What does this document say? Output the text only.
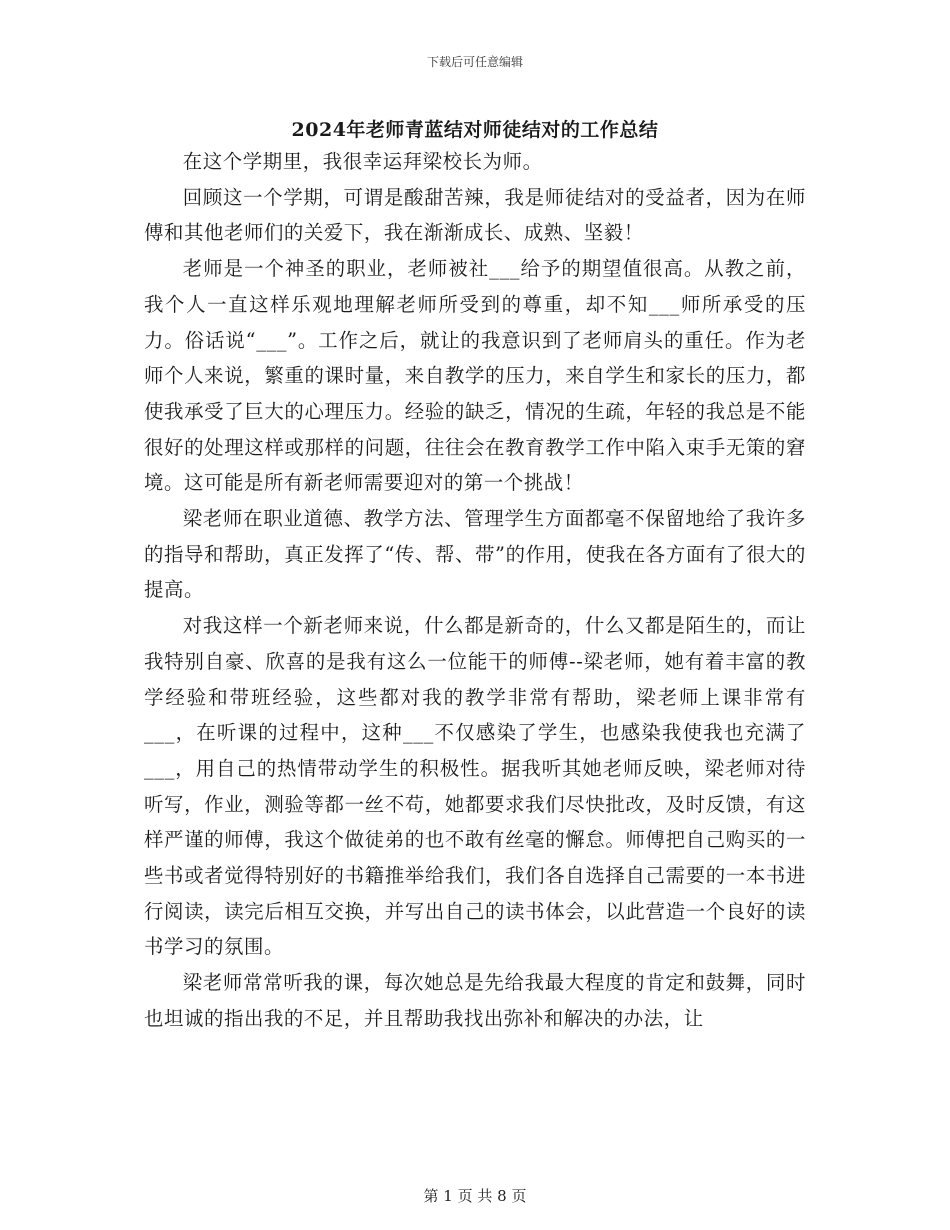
下载后可任意编辑
2024年老师青蓝结对师徒结对的工作总结

在这个学期里，我很幸运拜梁校长为师。

回顾这一个学期，可谓是酸甜苦辣，我是师徒结对的受益者，因为在师傅和其他老师们的关爱下，我在渐渐成长、成熟、坚毅！

老师是一个神圣的职业，老师被社___给予的期望值很高。从教之前，我个人一直这样乐观地理解老师所受到的尊重，却不知___师所承受的压力。俗话说“___”。工作之后，就让的我意识到了老师肩头的重任。作为老师个人来说，繁重的课时量，来自教学的压力，来自学生和家长的压力，都使我承受了巨大的心理压力。经验的缺乏，情况的生疏，年轻的我总是不能很好的处理这样或那样的问题，往往会在教育教学工作中陷入束手无策的窘境。这可能是所有新老师需要迎对的第一个挑战！

梁老师在职业道德、教学方法、管理学生方面都毫不保留地给了我许多的指导和帮助，真正发挥了“传、帮、带”的作用，使我在各方面有了很大的提高。

对我这样一个新老师来说，什么都是新奇的，什么又都是陌生的，而让我特别自豪、欣喜的是我有这么一位能干的师傅--梁老师，她有着丰富的教学经验和带班经验，这些都对我的教学非常有帮助，梁老师上课非常有___，在听课的过程中，这种___不仅感染了学生，也感染我使我也充满了___，用自己的热情带动学生的积极性。据我听其她老师反映，梁老师对待听写，作业，测验等都一丝不苟，她都要求我们尽快批改，及时反馈，有这样严谨的师傅，我这个做徒弟的也不敢有丝毫的懈怠。师傅把自己购买的一些书或者觉得特别好的书籍推举给我们，我们各自选择自己需要的一本书进行阅读，读完后相互交换，并写出自己的读书体会，以此营造一个良好的读书学习的氛围。

梁老师常常听我的课，每次她总是先给我最大程度的肯定和鼓舞，同时也坦诚的指出我的不足，并且帮助我找出弥补和解决的办法，让

第 1 页 共 8 页
